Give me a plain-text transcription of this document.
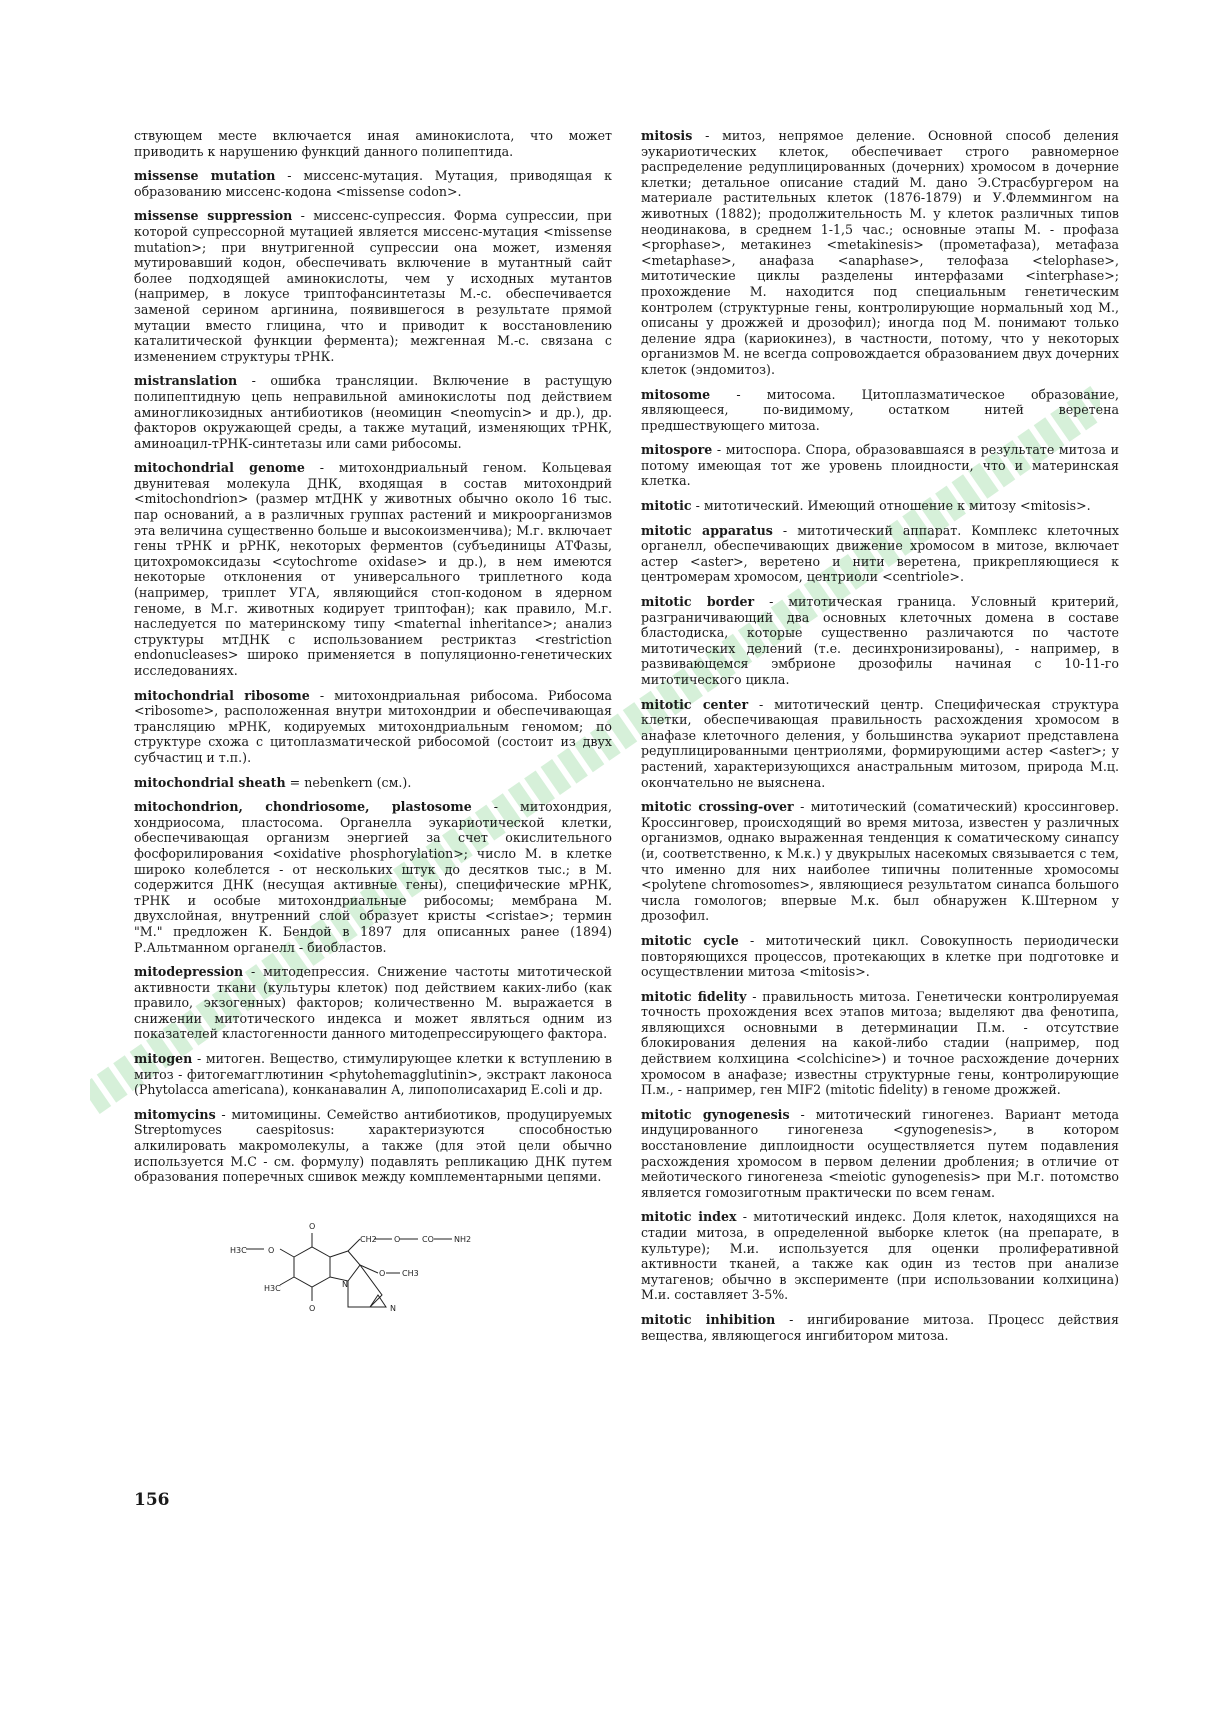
ствующем месте включается иная аминокислота, что может приводить к нарушению функций данного полипептида.

missense mutation - миссенс-мутация. Мутация, приводящая к образованию миссенс-кодона <missense codon>.

missense suppression - миссенс-супрессия. Форма супрессии, при которой супрессорной мутацией является миссенс-мутация <missense mutation>; при внутригенной супрессии она может, изменяя мутировавший кодон, обеспечивать включение в мутантный сайт более подходящей аминокислоты, чем у исходных мутантов (например, в локусе триптофансинтетазы М.-с. обеспечивается заменой серином аргинина, появившегося в результате прямой мутации вместо глицина, что и приводит к восстановлению каталитической функции фермента); межгенная М.-с. связана с изменением структуры тРНК.

mistranslation - ошибка трансляции. Включение в растущую полипептидную цепь неправильной аминокислоты под действием аминогликозидных антибиотиков (неомицин <neomycin> и др.), др. факторов окружающей среды, а также мутаций, изменяющих тРНК, аминоацил-тРНК-синтетазы или сами рибосомы.

mitochondrial genome - митохондриальный геном. Кольцевая двунитевая молекула ДНК, входящая в состав митохондрий <mitochondrion> (размер мтДНК у животных обычно около 16 тыс. пар оснований, а в различных группах растений и микроорганизмов эта величина существенно больше и высокоизменчива); М.г. включает гены тРНК и рРНК, некоторых ферментов (субъединицы АТФазы, цитохромоксидазы <cytochrome oxidase> и др.), в нем имеются некоторые отклонения от универсального триплетного кода (например, триплет УГА, являющийся стоп-кодоном в ядерном геноме, в М.г. животных кодирует триптофан); как правило, М.г. наследуется по материнскому типу <maternal inheritance>; анализ структуры мтДНК с использованием рестриктаз <restriction endonucleases> широко применяется в популяционно-генетических исследованиях.

mitochondrial ribosome - митохондриальная рибосома. Рибосома <ribosome>, расположенная внутри митохондрии и обеспечивающая трансляцию мРНК, кодируемых митохондриальным геномом; по структуре схожа с цитоплазматической рибосомой (состоит из двух субчастиц и т.п.).

mitochondrial sheath = nebenkern (см.).

mitochondrion, chondriosome, plastosome - митохондрия, хондриосома, пластосома. Органелла эукариотической клетки, обеспечивающая организм энергией за счет окислительного фосфорилирования <oxidative phosphorylation>; число М. в клетке широко колеблется - от нескольких штук до десятков тыс.; в М. содержится ДНК (несущая активные гены), специфические мРНК, тРНК и особые митохондриальные рибосомы; мембрана М. двухслойная, внутренний слой образует кристы <cristae>; термин "М." предложен К. Бендой в 1897 для описанных ранее (1894) Р.Альтманном органелл - биобластов.

mitodepression - митодепрессия. Снижение частоты митотической активности ткани (культуры клеток) под действием каких-либо (как правило, экзогенных) факторов; количественно М. выражается в снижении митотического индекса и может являться одним из показателей кластогенности данного митодепрессирующего фактора.

mitogen - митоген. Вещество, стимулирующее клетки к вступлению в митоз - фитогемагглютинин <phytohemagglutinin>, экстракт лаконоса (Phytolacca americana), конканавалин А, липополисахарид E.coli и др.

mitomycins - митомицины. Семейство антибиотиков, продуцируемых Streptomyces caespitosus: характеризуются способностью алкилировать макромолекулы, а также (для этой цели обычно используется М.С - см. формулу) подавлять репликацию ДНК путем образования поперечных сшивок между комплементарными цепями.

H3C	O
H3C
O
O
CH2 O	CO	NH2
O CH3
N
N

mitosis - митоз, непрямое деление. Основной способ деления эукариотических клеток, обеспечивает строго равномерное распределение редуплицированных (дочерних) хромосом в дочерние клетки; детальное описание стадий М. дано Э.Страсбургером на материале растительных клеток (1876-1879) и У.Флеммингом на животных (1882); продолжительность М. у клеток различных типов неодинакова, в среднем 1-1,5 час.; основные этапы М. - профаза <prophase>, метакинез <metakinesis> (прометафаза), метафаза <metaphase>, анафаза <anaphase>, телофаза <telophase>, митотические циклы разделены интерфазами <interphase>; прохождение М. находится под специальным генетическим контролем (структурные гены, контролирующие нормальный ход М., описаны у дрожжей и дрозофил); иногда под М. понимают только деление ядра (кариокинез), в частности, потому, что у некоторых организмов М. не всегда сопровождается образованием двух дочерних клеток (эндомитоз).

mitosome - митосома. Цитоплазматическое образование, являющееся, по-видимому, остатком нитей веретена предшествующего митоза.

mitospore - митоспора. Спора, образовавшаяся в результате митоза и потому имеющая тот же уровень плоидности, что и материнская клетка.

mitotic - митотический. Имеющий отношение к митозу <mitosis>.

mitotic apparatus - митотический аппарат. Комплекс клеточных органелл, обеспечивающих движение хромосом в митозе, включает астер <aster>, веретено и нити веретена, прикрепляющиеся к центромерам хромосом, центриоли <centriole>.

mitotic border - митотическая граница. Условный критерий, разграничивающий два основных клеточных домена в составе бластодиска, которые существенно различаются по частоте митотических делений (т.е. десинхронизированы), - например, в развивающемся эмбрионе дрозофилы начиная с 10-11-го митотического цикла.

mitotic center - митотический центр. Специфическая структура клетки, обеспечивающая правильность расхождения хромосом в анафазе клеточного деления, у большинства эукариот представлена редуплицированными центриолями, формирующими астер <aster>; у растений, характеризующихся анастральным митозом, природа М.ц. окончательно не выяснена.

mitotic crossing-over - митотический (соматический) кроссинговер. Кроссинговер, происходящий во время митоза, известен у различных организмов, однако выраженная тенденция к соматическому синапсу (и, соответственно, к М.к.) у двукрылых насекомых связывается с тем, что именно для них наиболее типичны политенные хромосомы <polytene chromosomes>, являющиеся результатом синапса большого числа гомологов; впервые М.к. был обнаружен К.Штерном у дрозофил.

mitotic cycle - митотический цикл. Совокупность периодически повторяющихся процессов, протекающих в клетке при подготовке и осуществлении митоза <mitosis>.

mitotic fidelity - правильность митоза. Генетически контролируемая точность прохождения всех этапов митоза; выделяют два фенотипа, являющихся основными в детерминации П.м. - отсутствие блокирования деления на какой-либо стадии (например, под действием колхицина <colchicine>) и точное расхождение дочерних хромосом в анафазе; известны структурные гены, контролирующие П.м., - например, ген MIF2 (mitotic fidelity) в геноме дрожжей.

mitotic gynogenesis - митотический гиногенез. Вариант метода индуцированного гиногенеза <gynogenesis>, в котором восстановление диплоидности осуществляется путем подавления расхождения хромосом в первом делении дробления; в отличие от мейотического гиногенеза <meiotic gynogenesis> при М.г. потомство является гомозиготным практически по всем генам.

mitotic index - митотический индекс. Доля клеток, находящихся на стадии митоза, в определенной выборке клеток (на препарате, в культуре); М.и. используется для оценки пролиферативной активности тканей, а также как один из тестов при анализе мутагенов; обычно в эксперименте (при использовании колхицина) М.и. составляет 3-5%.

mitotic inhibition - ингибирование митоза. Процесс действия вещества, являющегося ингибитором митоза.

156
